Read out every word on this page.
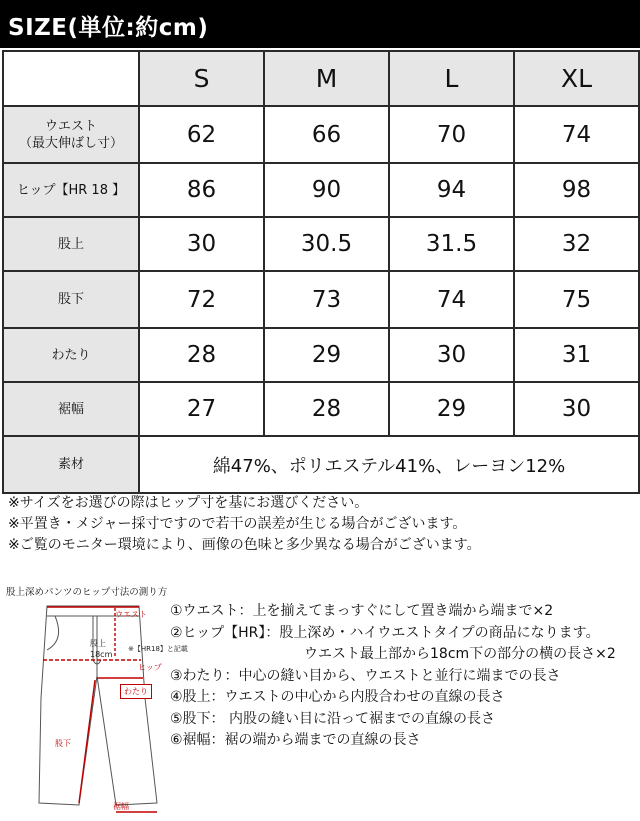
SIZE(単位:約cm)
	S	M	L	XL

ウエスト
（最大伸ばし寸）	62	66	70	74
ヒップ【HR 18 】	86	90	94	98
股上	30	30.5	31.5	32
股下	72	73	74	75
わたり	28	29	30	31
裾幅	27	28	29	30
素材	綿47%、ポリエステル41%、レーヨン12%			
※サイズをお選びの際はヒップ寸を基にお選びください。
※平置き・メジャー採寸ですので若干の誤差が生じる場合がございます。
※ご覧のモニター環境により、画像の色味と多少異なる場合がございます。
股上深めパンツのヒップ寸法の測り方
ウエスト
股上
18cm
※【HR18】と記載
ヒップ
わたり
股下
裾幅
①ウエスト：上を揃えてまっすぐにして置き端から端まで×2
②ヒップ【HR】：股上深め・ハイウエストタイプの商品になります。
ウエスト最上部から18cm下の部分の横の長さ×2
③わたり：中心の縫い目から、ウエストと並行に端までの長さ
④股上：ウエストの中心から内股合わせの直線の長さ
⑤股下： 内股の縫い目に沿って裾までの直線の長さ
⑥裾幅：裾の端から端までの直線の長さ
